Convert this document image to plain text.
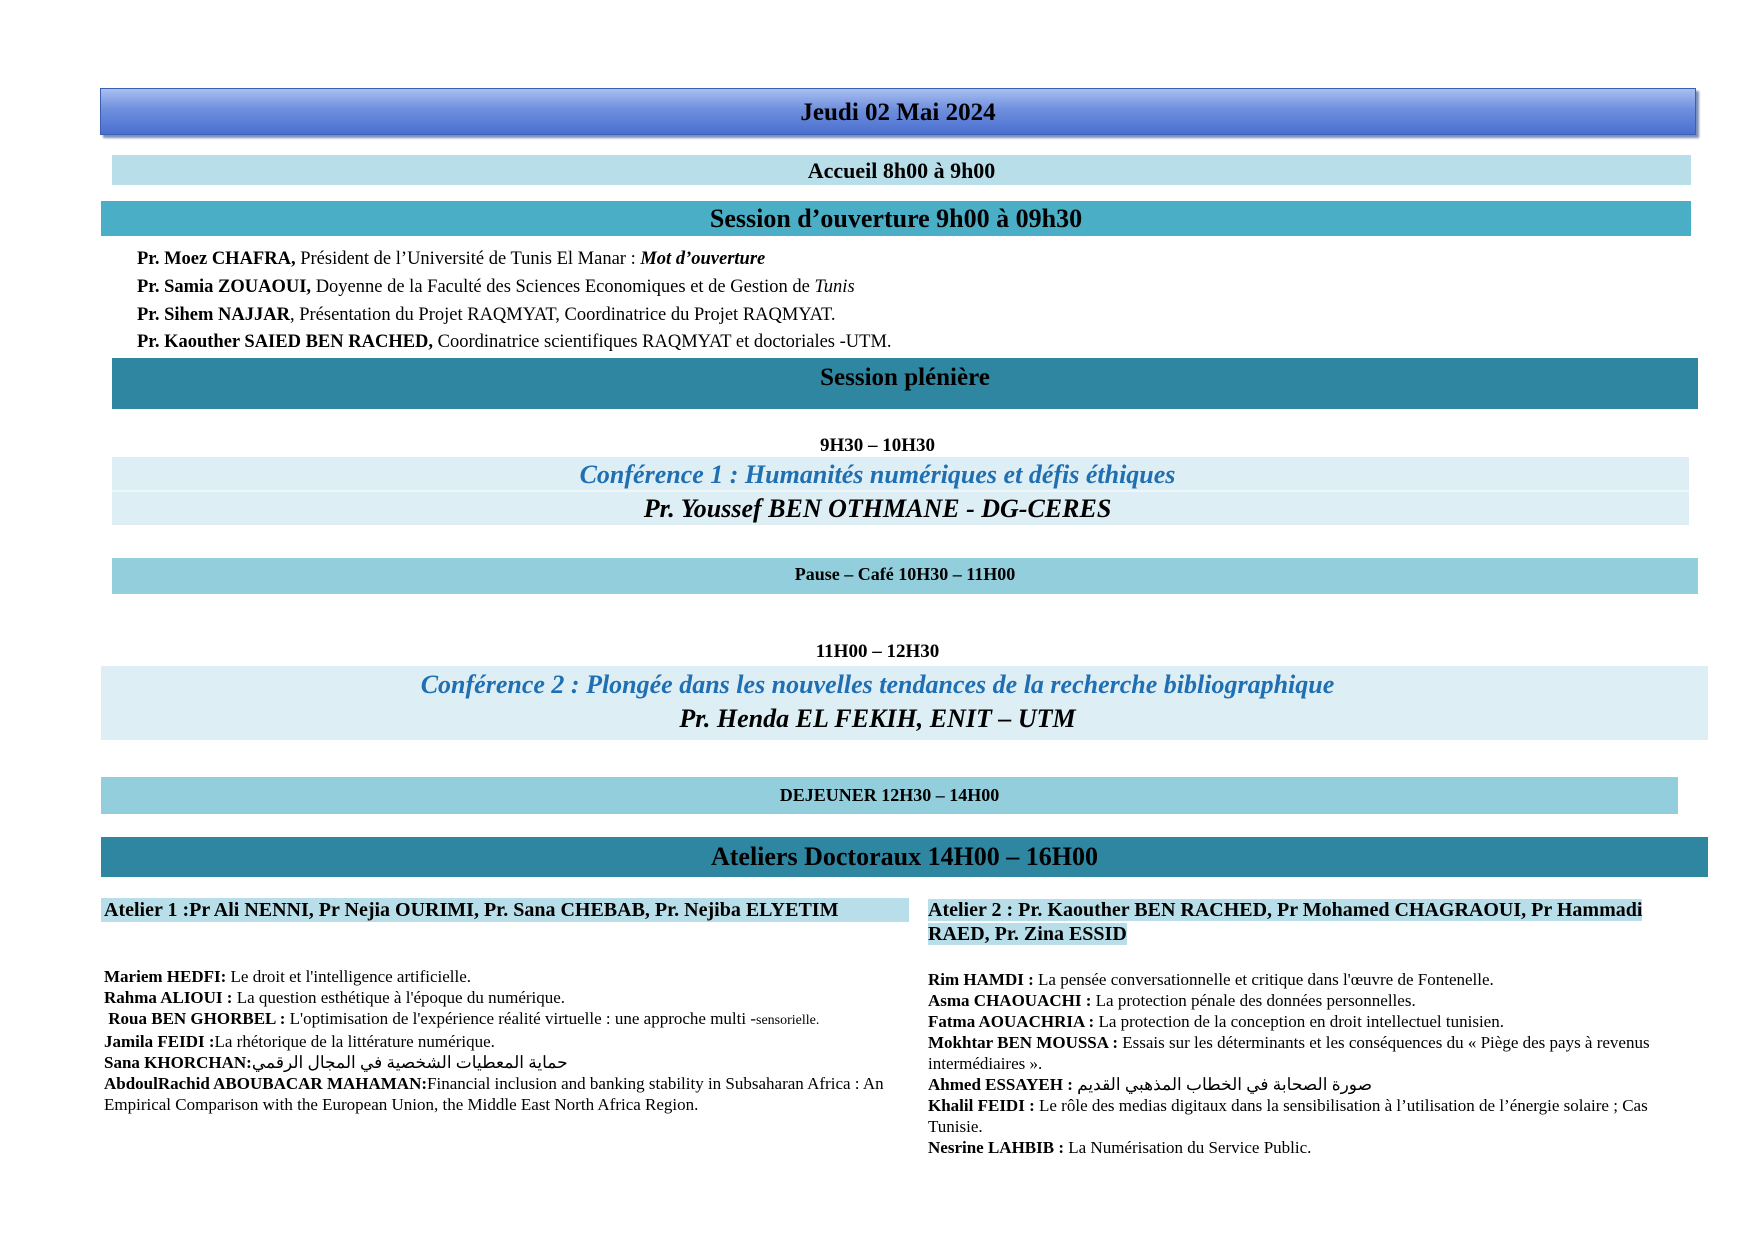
Jeudi 02 Mai 2024
Accueil 8h00 à 9h00
Session d’ouverture 9h00 à 09h30
Pr. Moez CHAFRA, Président de l’Université de Tunis El Manar : Mot d’ouverture
Pr. Samia ZOUAOUI, Doyenne de la Faculté des Sciences Economiques et de Gestion de Tunis
Pr. Sihem NAJJAR, Présentation du Projet RAQMYAT, Coordinatrice du Projet RAQMYAT.
Pr. Kaouther SAIED BEN RACHED, Coordinatrice scientifiques RAQMYAT et doctoriales -UTM.
Session plénière
9H30 – 10H30
Conférence 1 : Humanités numériques et défis éthiques
Pr. Youssef BEN OTHMANE - DG-CERES
Pause – Café 10H30 – 11H00
11H00 – 12H30
Conférence 2 : Plongée dans les nouvelles tendances de la recherche bibliographique
Pr. Henda EL FEKIH, ENIT – UTM
DEJEUNER 12H30 – 14H00
Ateliers Doctoraux 14H00 – 16H00
Atelier 1 :Pr Ali NENNI, Pr Nejia OURIMI, Pr. Sana CHEBAB, Pr. Nejiba ELYETIM
Mariem HEDFI: Le droit et l'intelligence artificielle.
Rahma ALIOUI : La question esthétique à l'époque du numérique.
Roua BEN GHORBEL : L'optimisation de l'expérience réalité virtuelle : une approche multi -sensorielle.
Jamila FEIDI :La rhétorique de la littérature numérique.
Sana KHORCHAN:حماية المعطيات الشخصية في المجال الرقمي
AbdoulRachid ABOUBACAR MAHAMAN:Financial inclusion and banking stability in Subsaharan Africa : An Empirical Comparison with the European Union, the Middle East North Africa Region.
Atelier 2 : Pr. Kaouther BEN RACHED, Pr Mohamed CHAGRAOUI, Pr Hammadi
RAED, Pr. Zina ESSID
Rim HAMDI : La pensée conversationnelle et critique dans l'œuvre de Fontenelle.
Asma CHAOUACHI : La protection pénale des données personnelles.
Fatma AOUACHRIA : La protection de la conception en droit intellectuel tunisien.
Mokhtar BEN MOUSSA : Essais sur les déterminants et les conséquences du « Piège des pays à revenus intermédiaires ».
Ahmed ESSAYEH : صورة الصحابة في الخطاب المذهبي القديم
Khalil FEIDI : Le rôle des medias digitaux dans la sensibilisation à l’utilisation de l’énergie solaire ; Cas Tunisie.
Nesrine LAHBIB : La Numérisation du Service Public.
